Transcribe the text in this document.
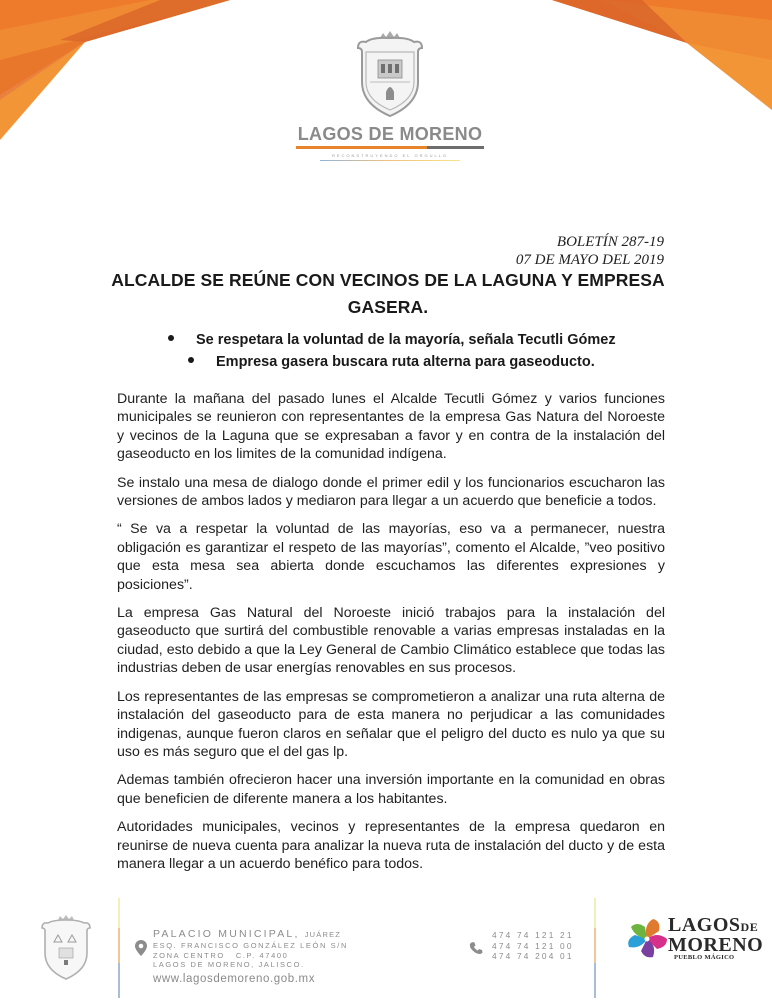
LAGOS DE MORENO
RECONSTRUYENDO EL ORGULLO
BOLETÍN 287-19
07 DE MAYO DEL 2019
ALCALDE SE REÚNE CON VECINOS DE LA LAGUNA Y EMPRESA
GASERA.
Se respetara la voluntad de la mayoría, señala Tecutli Gómez
Empresa gasera buscara ruta alterna para gaseoducto.

Durante la mañana del pasado lunes el Alcalde Tecutli Gómez y varios funciones municipales se reunieron con representantes de la empresa Gas Natura del Noroeste y vecinos de la Laguna que se expresaban a favor y en contra de la instalación del gaseoducto en los limites de la comunidad indígena.

Se instalo una mesa de dialogo donde el primer edil y los funcionarios escucharon las versiones de ambos lados y mediaron para llegar a un acuerdo que beneficie a todos.

“ Se va a respetar la voluntad de las mayorías, eso va a permanecer, nuestra obligación es garantizar el respeto de las mayorías”, comento el Alcalde, ”veo positivo que esta mesa sea abierta donde escuchamos las diferentes expresiones y posiciones”.

La empresa Gas Natural del Noroeste inició trabajos para la instalación del gaseoducto que surtirá del combustible renovable a varias empresas instaladas en la ciudad, esto debido a que la Ley General de Cambio Climático establece que todas las industrias deben de usar energías renovables en sus procesos.

Los representantes de las empresas se comprometieron a analizar una ruta alterna de instalación del gaseoducto para de esta manera no perjudicar a las comunidades indigenas, aunque fueron claros en señalar que el peligro del ducto es nulo ya que su uso es más seguro que el del gas lp.

Ademas también ofrecieron hacer una inversión importante en la comunidad en obras que beneficien de diferente manera a los habitantes.

Autoridades municipales, vecinos y representantes de la empresa quedaron en reunirse de nueva cuenta para analizar la nueva ruta de instalación del ducto y de esta manera llegar a un acuerdo benéfico para todos.

PALACIO MUNICIPAL, JUÁREZ
ESQ. FRANCISCO GONZÁLEZ LEÓN S/N
ZONA CENTRO   C.P. 47400
LAGOS DE MORENO, JALISCO.
www.lagosdemoreno.gob.mx
474 74 121 21
474 74 121 00
474 74 204 01
LAGOSDE
MORENO
PUEBLO MÁGICO
